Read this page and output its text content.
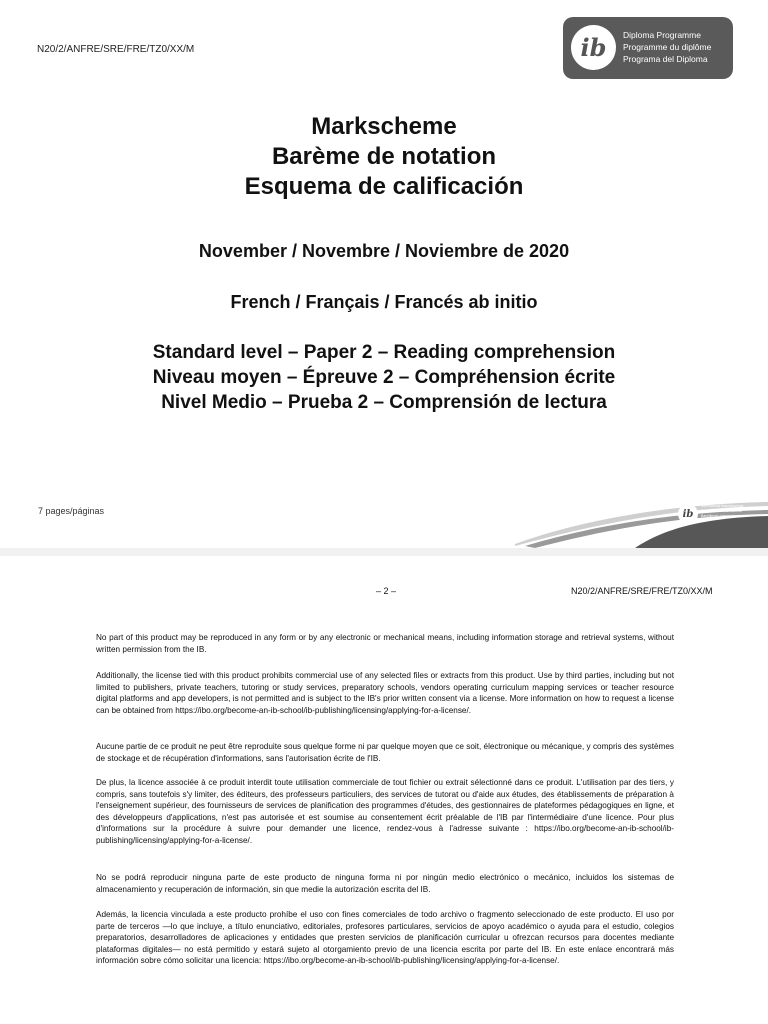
N20/2/ANFRE/SRE/FRE/TZ0/XX/M	ib	Diploma Programme
Programme du diplôme
Programa del Diploma
Markscheme
Barème de notation
Esquema de calificación
November / Novembre / Noviembre de 2020
French / Français / Francés ab initio
Standard level – Paper 2 – Reading comprehension
Niveau moyen – Épreuve 2 – Compréhension écrite
Nivel Medio – Prueba 2 – Comprensión de lectura
7 pages/páginas	ib
International Baccalaureate
Baccalauréat International
Bachillerato Internacional
– 2 –	N20/2/ANFRE/SRE/FRE/TZ0/XX/M

No part of this product may be reproduced in any form or by any electronic or mechanical means, including information storage and retrieval systems, without written permission from the IB.

Additionally, the license tied with this product prohibits commercial use of any selected files or extracts from this product. Use by third parties, including but not limited to publishers, private teachers, tutoring or study services, preparatory schools, vendors operating curriculum mapping services or teacher resource digital platforms and app developers, is not permitted and is subject to the IB's prior written consent via a license. More information on how to request a license can be obtained from https://ibo.org/become-an-ib-school/ib-publishing/licensing/applying-for-a-license/.

Aucune partie de ce produit ne peut être reproduite sous quelque forme ni par quelque moyen que ce soit, électronique ou mécanique, y compris des systèmes de stockage et de récupération d'informations, sans l'autorisation écrite de l'IB.

De plus, la licence associée à ce produit interdit toute utilisation commerciale de tout fichier ou extrait sélectionné dans ce produit. L'utilisation par des tiers, y compris, sans toutefois s'y limiter, des éditeurs, des professeurs particuliers, des services de tutorat ou d'aide aux études, des établissements de préparation à l'enseignement supérieur, des fournisseurs de services de planification des programmes d'études, des gestionnaires de plateformes pédagogiques en ligne, et des développeurs d'applications, n'est pas autorisée et est soumise au consentement écrit préalable de l'IB par l'intermédiaire d'une licence. Pour plus d'informations sur la procédure à suivre pour demander une licence, rendez-vous à l'adresse suivante : https://ibo.org/become-an-ib-school/ib-publishing/licensing/applying-for-a-license/.

No se podrá reproducir ninguna parte de este producto de ninguna forma ni por ningún medio electrónico o mecánico, incluidos los sistemas de almacenamiento y recuperación de información, sin que medie la autorización escrita del IB.

Además, la licencia vinculada a este producto prohíbe el uso con fines comerciales de todo archivo o fragmento seleccionado de este producto. El uso por parte de terceros —lo que incluye, a título enunciativo, editoriales, profesores particulares, servicios de apoyo académico o ayuda para el estudio, colegios preparatorios, desarrolladores de aplicaciones y entidades que presten servicios de planificación curricular u ofrezcan recursos para docentes mediante plataformas digitales— no está permitido y estará sujeto al otorgamiento previo de una licencia escrita por parte del IB. En este enlace encontrará más información sobre cómo solicitar una licencia: https://ibo.org/become-an-ib-school/ib-publishing/licensing/applying-for-a-license/.
